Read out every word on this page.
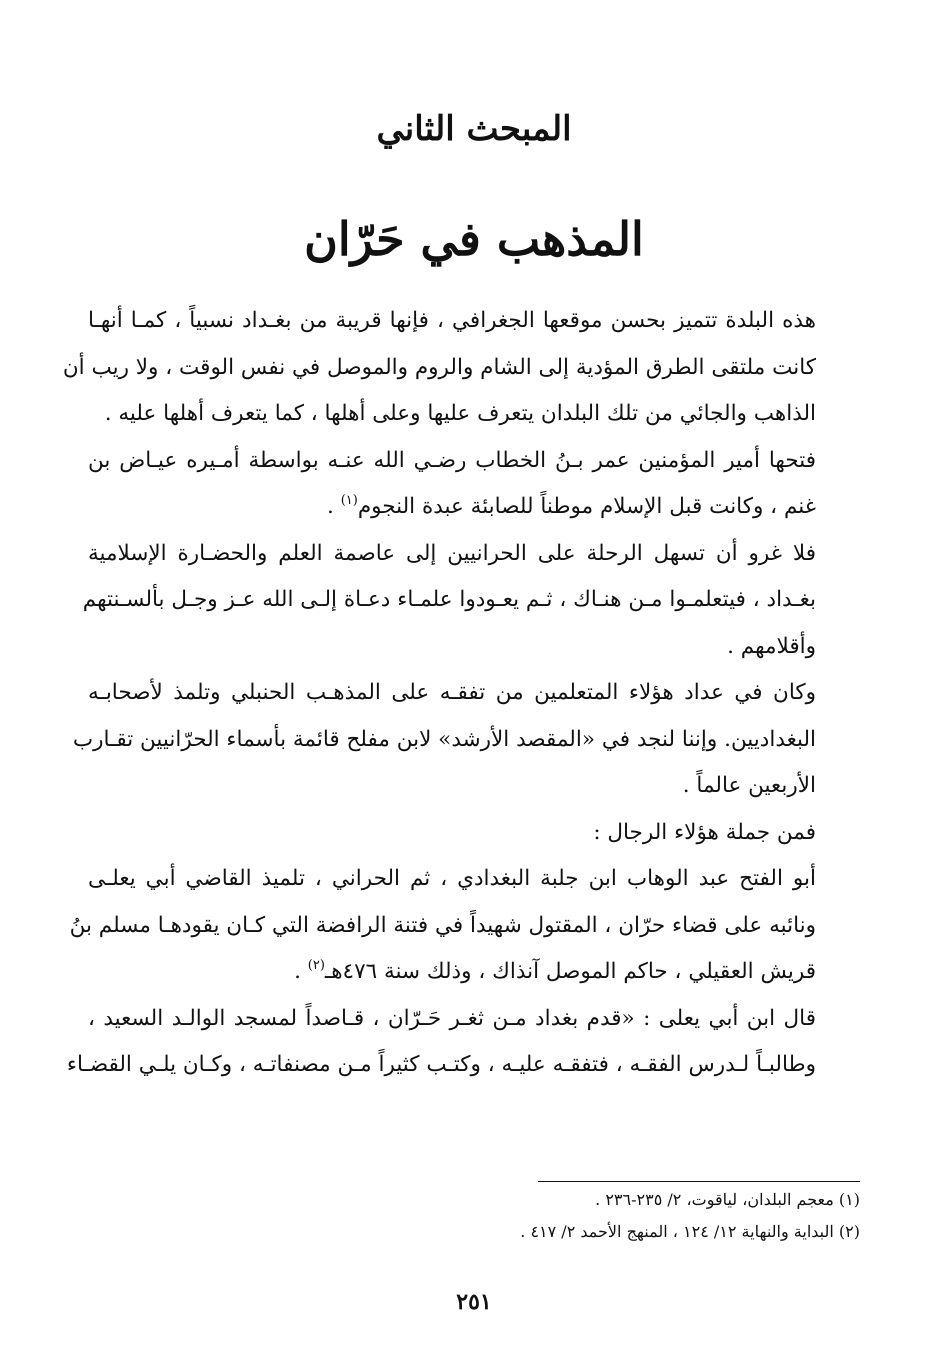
المبحث الثاني
المذهب في حَرّان
هذه البلدة تتميز بحسن موقعها الجغرافي ، فإنها قريبة من بغـداد نسبياً ، كمـا أنهـا
كانت ملتقى الطرق المؤدية إلى الشام والروم والموصل في نفس الوقت ، ولا ريب أن
الذاهب والجائي من تلك البلدان يتعرف عليها وعلى أهلها ، كما يتعرف أهلها عليه .
فتحها أمير المؤمنين عمر بـنُ الخطاب رضـي الله عنـه بواسطة أمـيره عيـاض بن
غنم ، وكانت قبل الإسلام موطناً للصابئة عبدة النجوم$^{(١)}$ .
فلا غرو أن تسهل الرحلة على الحرانيين إلى عاصمة العلم والحضـارة الإسلامية
بغـداد ، فيتعلمـوا مـن هنـاك ، ثـم يعـودوا علمـاء دعـاة إلـى الله عـز وجـل بألسـنتهم
وأقلامهم .
وكان في عداد هؤلاء المتعلمين من تفقـه على المذهـب الحنبلي وتلمذ لأصحابـه
البغداديين. وإننا لنجد في «المقصد الأرشد» لابن مفلح قائمة بأسماء الحرّانيين تقـارب
الأربعين عالماً .
فمن جملة هؤلاء الرجال :
أبو الفتح عبد الوهاب ابن جلبة البغدادي ، ثم الحراني ، تلميذ القاضي أبي يعلـى
ونائبه على قضاء حرّان ، المقتول شهيداً في فتنة الرافضة التي كـان يقودهـا مسلم بنُ
قريش العقيلي ، حاكم الموصل آنذاك ، وذلك سنة ٤٧٦هـ$^{(٢)}$ .
قال ابن أبي يعلى : «قدم بغداد مـن ثغـر حَـرّان ، قـاصداً لمسجد الوالـد السعيد ،
وطالبـاً لـدرس الفقـه ، فتفقـه عليـه ، وكتـب كثيراً مـن مصنفاتـه ، وكـان يلـي القضـاء

(١) معجم البلدان، لياقوت، ٢/ ٢٣٥-٢٣٦ .

(٢) البداية والنهاية ١٢/ ١٢٤ ، المنهج الأحمد ٢/ ٤١٧ .

٢٥١
